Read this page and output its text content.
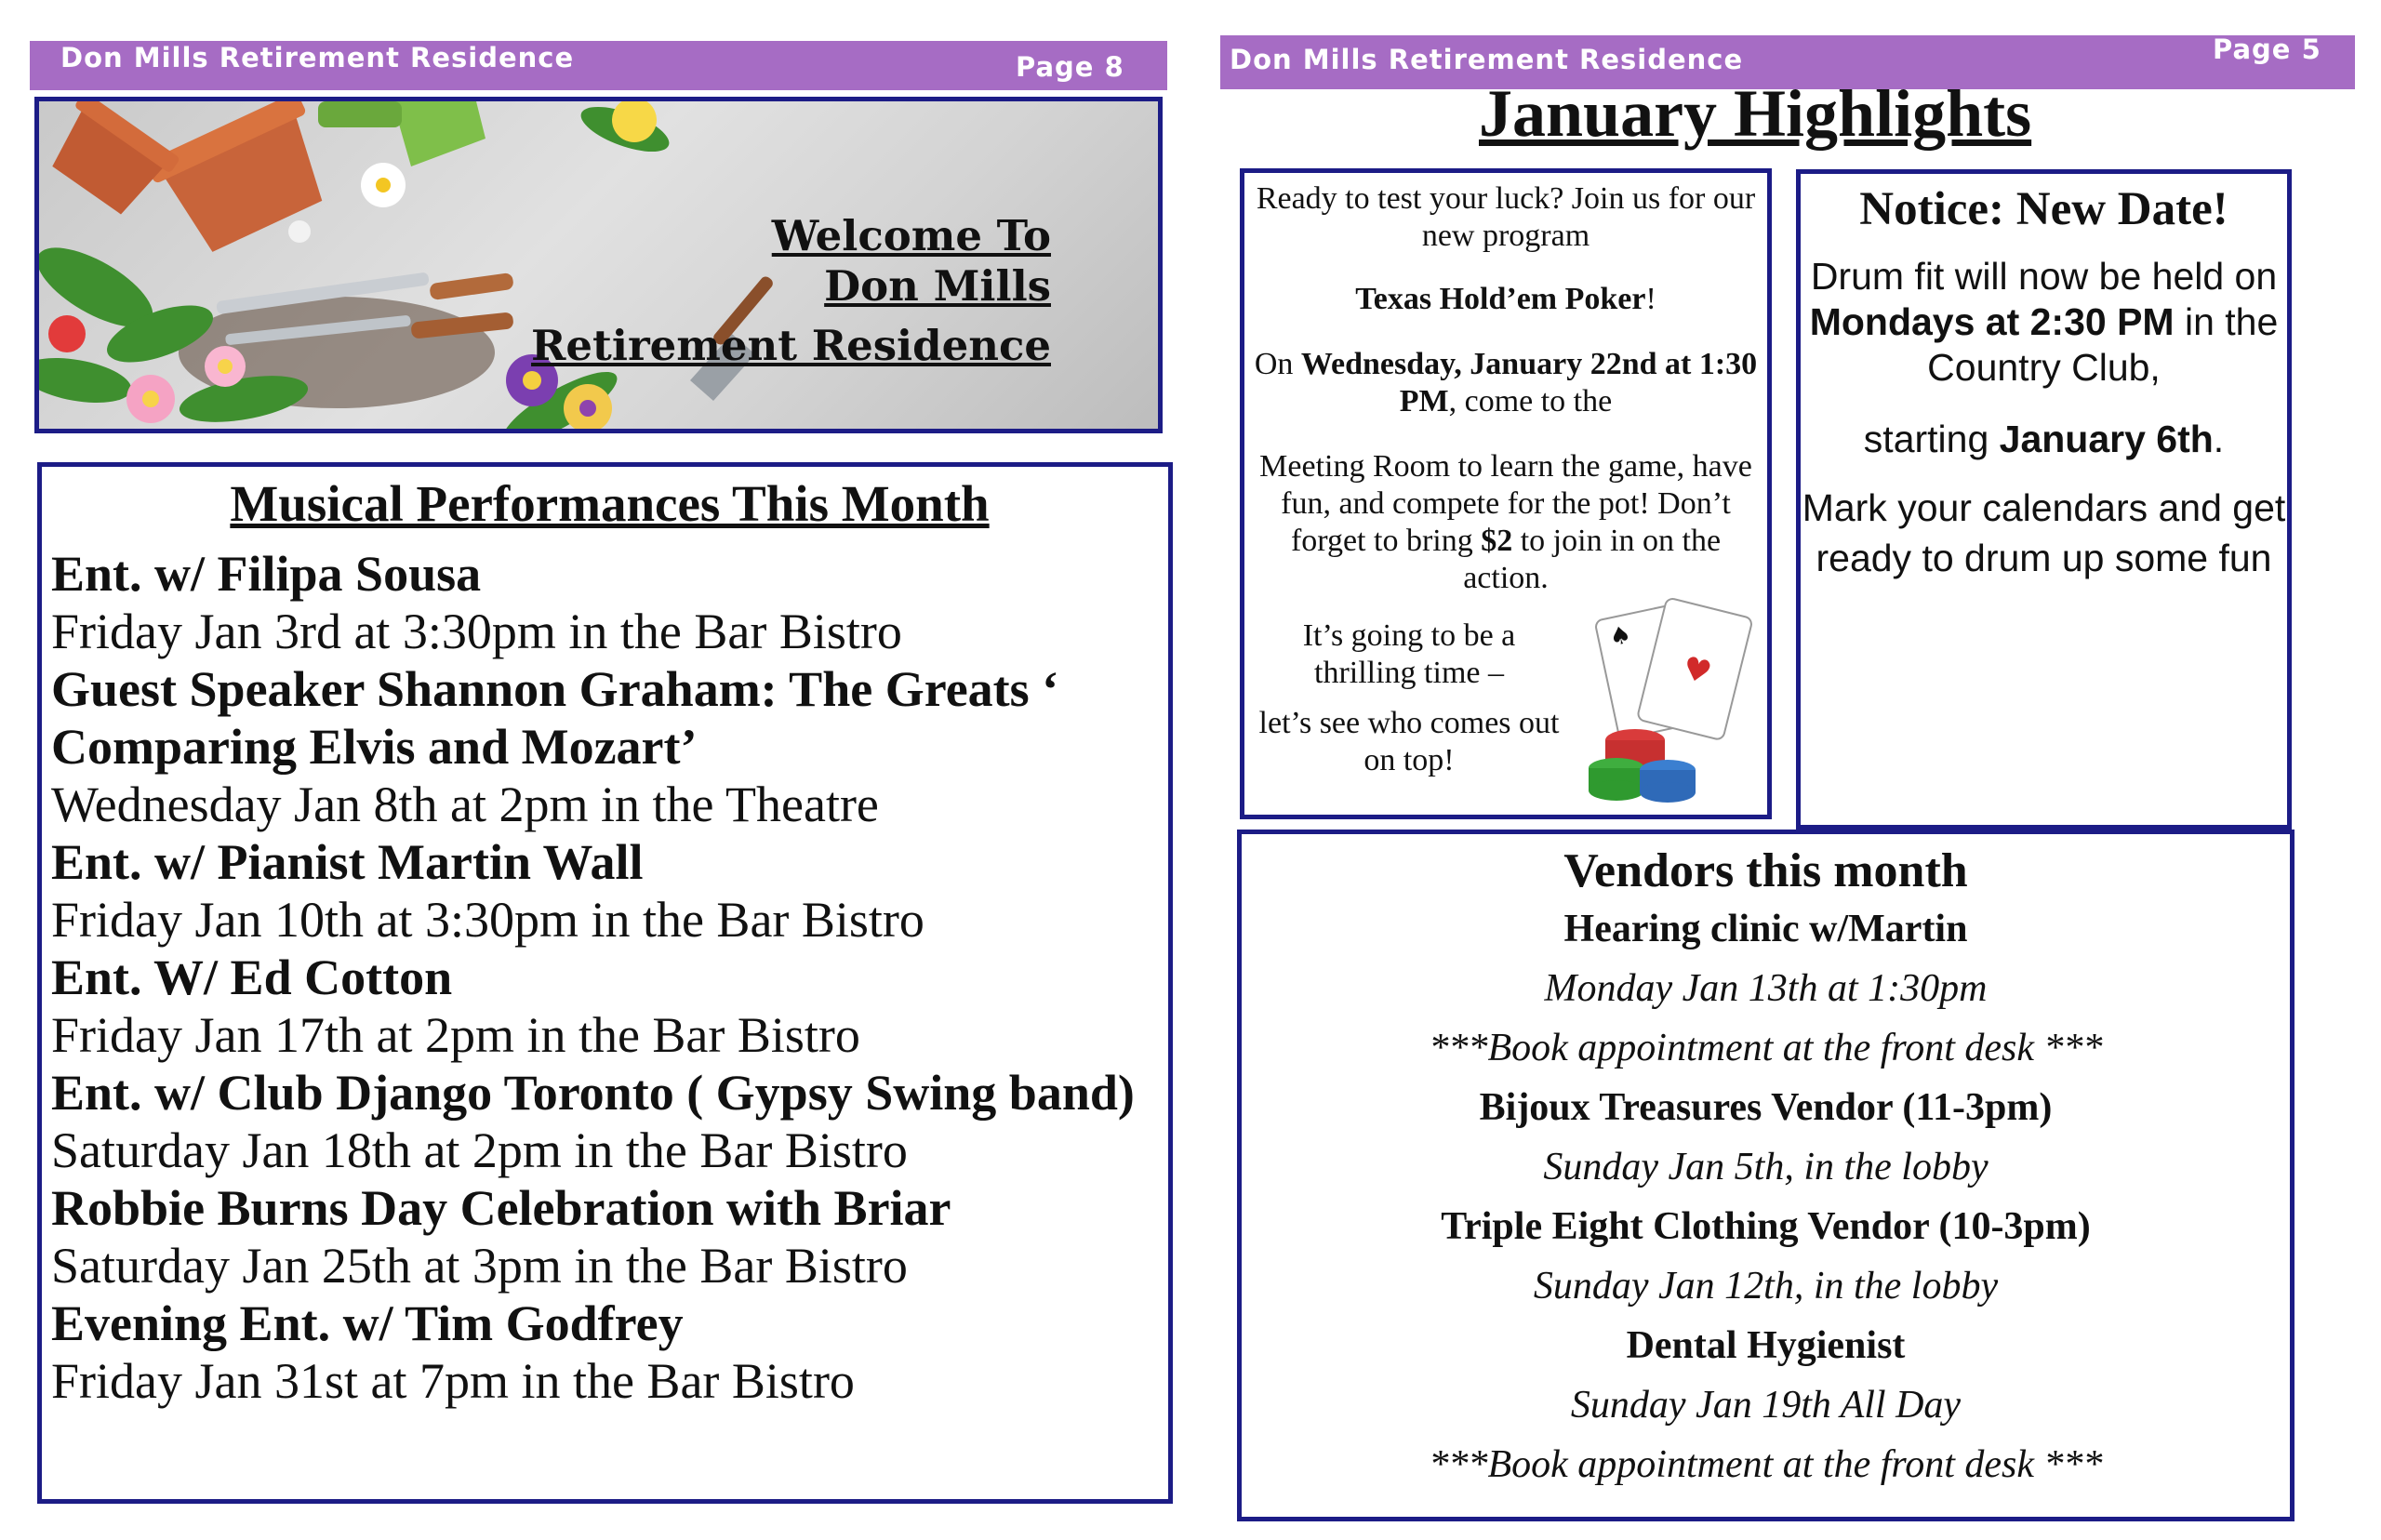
Don Mills Retirement Residence	Page 8	Don Mills Retirement Residence	Page 5
Welcome To
Don Mills
Retirement Residence
Musical Performances This Month
Ent. w/ Filipa Sousa
Friday Jan 3rd at 3:30pm in the Bar Bistro
Guest Speaker Shannon Graham: The Greats ‘ Comparing Elvis and Mozart’
Wednesday Jan 8th at 2pm in the Theatre
Ent. w/ Pianist Martin Wall
Friday Jan 10th at 3:30pm in the Bar Bistro
Ent. W/ Ed Cotton
Friday Jan 17th at 2pm in the Bar Bistro
Ent. w/ Club Django Toronto ( Gypsy Swing band)
Saturday Jan 18th at 2pm in the Bar Bistro
Robbie Burns Day Celebration with Briar
Saturday Jan 25th at 3pm in the Bar Bistro
Evening Ent. w/ Tim Godfrey
Friday Jan 31st at 7pm in the Bar Bistro
January Highlights

Ready to test your luck? Join us for our new program

Texas Hold’em Poker!

On Wednesday, January 22nd at 1:30 PM, come to the

Meeting Room to learn the game, have fun, and compete for the pot! Don’t forget to bring $2 to join in on the action.

It’s going to be a thrilling time –

let’s see who comes out on top!

♠
♥
Notice: New Date!

Drum fit will now be held on Mondays at 2:30 PM in the Country Club,

starting January 6th.

Mark your calendars and get ready to drum up some fun

Vendors this month
Hearing clinic w/Martin
Monday Jan 13th at 1:30pm
***Book appointment at the front desk ***
Bijoux Treasures Vendor (11-3pm)
Sunday Jan 5th, in the lobby
Triple Eight Clothing Vendor (10-3pm)
Sunday Jan 12th, in the lobby
Dental Hygienist
Sunday Jan 19th All Day
***Book appointment at the front desk ***
